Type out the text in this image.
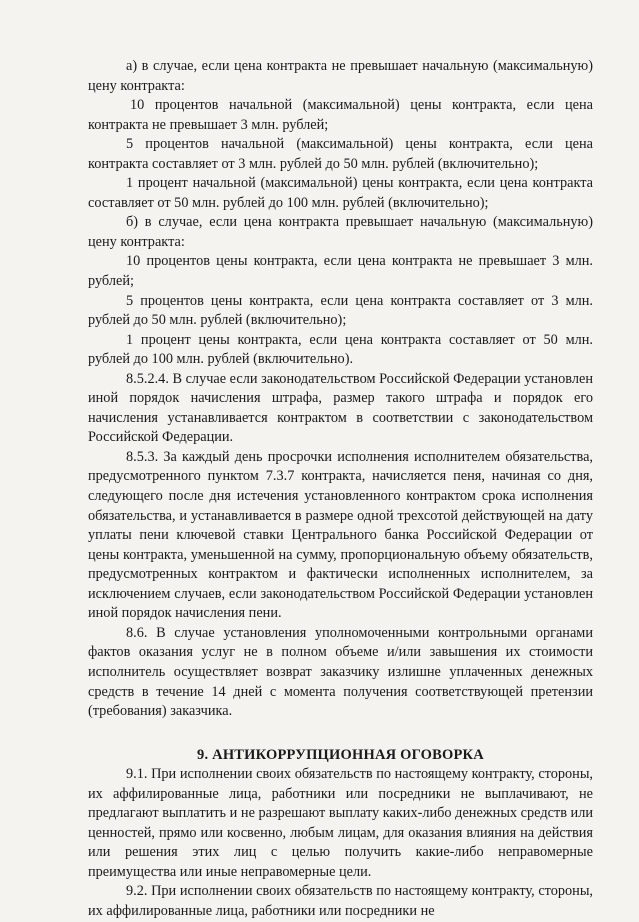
а) в случае, если цена контракта не превышает начальную (максимальную) цену контракта:

10 процентов начальной (максимальной) цены контракта, если цена контракта не превышает 3 млн. рублей;

5 процентов начальной (максимальной) цены контракта, если цена контракта составляет от 3 млн. рублей до 50 млн. рублей (включительно);

1 процент начальной (максимальной) цены контракта, если цена контракта составляет от 50 млн. рублей до 100 млн. рублей (включительно);

б) в случае, если цена контракта превышает начальную (максимальную) цену контракта:

10 процентов цены контракта, если цена контракта не превышает 3 млн. рублей;

5 процентов цены контракта, если цена контракта составляет от 3 млн. рублей до 50 млн. рублей (включительно);

1 процент цены контракта, если цена контракта составляет от 50 млн. рублей до 100 млн. рублей (включительно).

8.5.2.4. В случае если законодательством Российской Федерации установлен иной порядок начисления штрафа, размер такого штрафа и порядок его начисления устанавливается контрактом в соответствии с законодательством Российской Федерации.

8.5.3. За каждый день просрочки исполнения исполнителем обязательства, предусмотренного пунктом 7.3.7 контракта, начисляется пеня, начиная со дня, следующего после дня истечения установленного контрактом срока исполнения обязательства, и устанавливается в размере одной трехсотой действующей на дату уплаты пени ключевой ставки Центрального банка Российской Федерации от цены контракта, уменьшенной на сумму, пропорциональную объему обязательств, предусмотренных контрактом и фактически исполненных исполнителем, за исключением случаев, если законодательством Российской Федерации установлен иной порядок начисления пени.

8.6. В случае установления уполномоченными контрольными органами фактов оказания услуг не в полном объеме и/или завышения их стоимости исполнитель осуществляет возврат заказчику излишне уплаченных денежных средств в течение 14 дней с момента получения соответствующей претензии (требования) заказчика.

9. АНТИКОРРУПЦИОННАЯ ОГОВОРКА

9.1. При исполнении своих обязательств по настоящему контракту, стороны, их аффилированные лица, работники или посредники не выплачивают, не предлагают выплатить и не разрешают выплату каких-либо денежных средств или ценностей, прямо или косвенно, любым лицам, для оказания влияния на действия или решения этих лиц с целью получить какие-либо неправомерные преимущества или иные неправомерные цели.

9.2. При исполнении своих обязательств по настоящему контракту, стороны, их аффилированные лица, работники или посредники не
